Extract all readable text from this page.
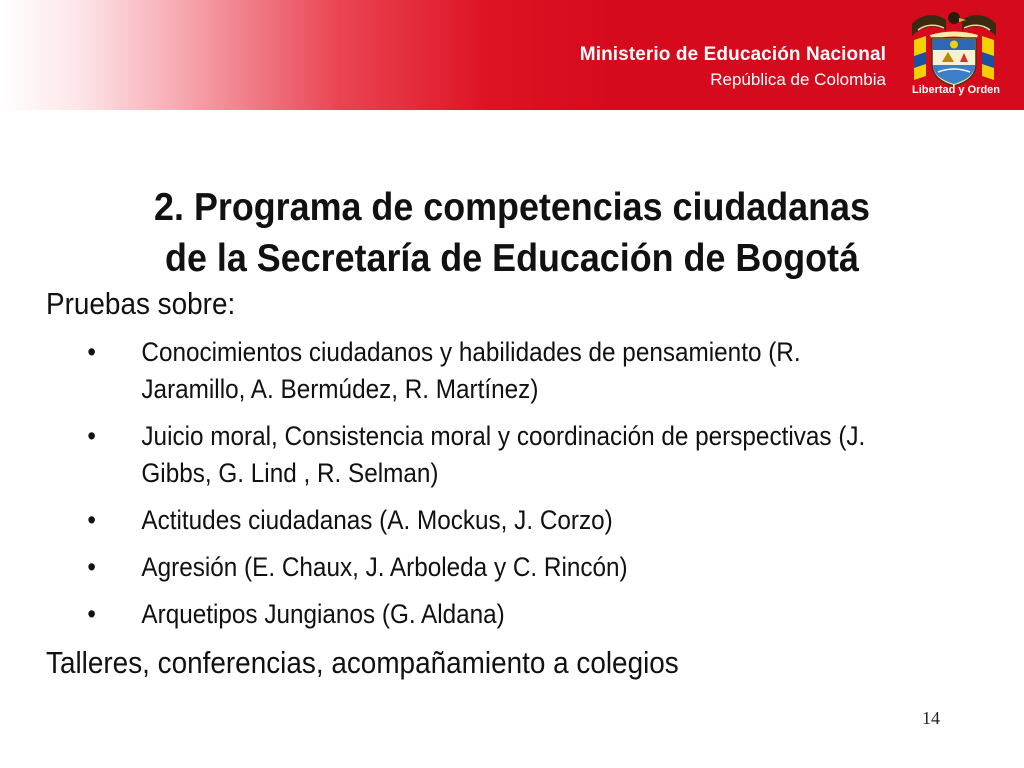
Ministerio de Educación Nacional
República de Colombia
Libertad y Orden
2. Programa de competencias ciudadanas
de la Secretaría de Educación de Bogotá

Pruebas sobre:

• Conocimientos ciudadanos y habilidades de pensamiento (R.
Jaramillo, A. Bermúdez, R. Martínez)
• Juicio moral, Consistencia moral y coordinación de perspectivas (J.
Gibbs, G. Lind , R. Selman)
• Actitudes ciudadanas (A. Mockus, J. Corzo)
• Agresión (E. Chaux, J. Arboleda y C. Rincón)
• Arquetipos Jungianos (G. Aldana)

Talleres, conferencias, acompañamiento a colegios

14
